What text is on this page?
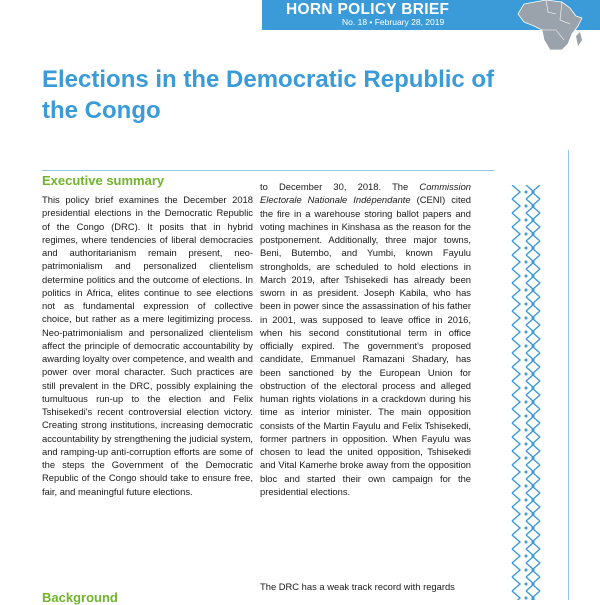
HORN POLICY BRIEF
No. 18 • February 28, 2019
Elections in the Democratic Republic of the Congo
Executive summary

This policy brief examines the December 2018 presidential elections in the Democratic Republic of the Congo (DRC). It posits that in hybrid regimes, where tendencies of liberal democracies and authoritarianism remain present, neo-patrimonialism and personalized clientelism determine politics and the outcome of elections. In politics in Africa, elites continue to see elections not as fundamental expression of collective choice, but rather as a mere legitimizing process. Neo-patrimonialism and personalized clientelism affect the principle of democratic accountability by awarding loyalty over competence, and wealth and power over moral character. Such practices are still prevalent in the DRC, possibly explaining the tumultuous run-up to the election and Felix Tshisekedi's recent controversial election victory. Creating strong institutions, increasing democratic accountability by strengthening the judicial system, and ramping-up anti-corruption efforts are some of the steps the Government of the Democratic Republic of the Congo should take to ensure free, fair, and meaningful future elections.

to December 30, 2018. The Commission Electorale Nationale Indépendante (CENI) cited the fire in a warehouse storing ballot papers and voting machines in Kinshasa as the reason for the postponement. Additionally, three major towns, Beni, Butembo, and Yumbi, known Fayulu strongholds, are scheduled to hold elections in March 2019, after Tshisekedi has already been sworn in as president. Joseph Kabila, who has been in power since the assassination of his father in 2001, was supposed to leave office in 2016, when his second constitutional term in office officially expired. The government's proposed candidate, Emmanuel Ramazani Shadary, has been sanctioned by the European Union for obstruction of the electoral process and alleged human rights violations in a crackdown during his time as interior minister. The main opposition consists of the Martin Fayulu and Felix Tshisekedi, former partners in opposition. When Fayulu was chosen to lead the united opposition, Tshisekedi and Vital Kamerhe broke away from the opposition bloc and started their own campaign for the presidential elections.

The DRC has a weak track record with regards

Background
